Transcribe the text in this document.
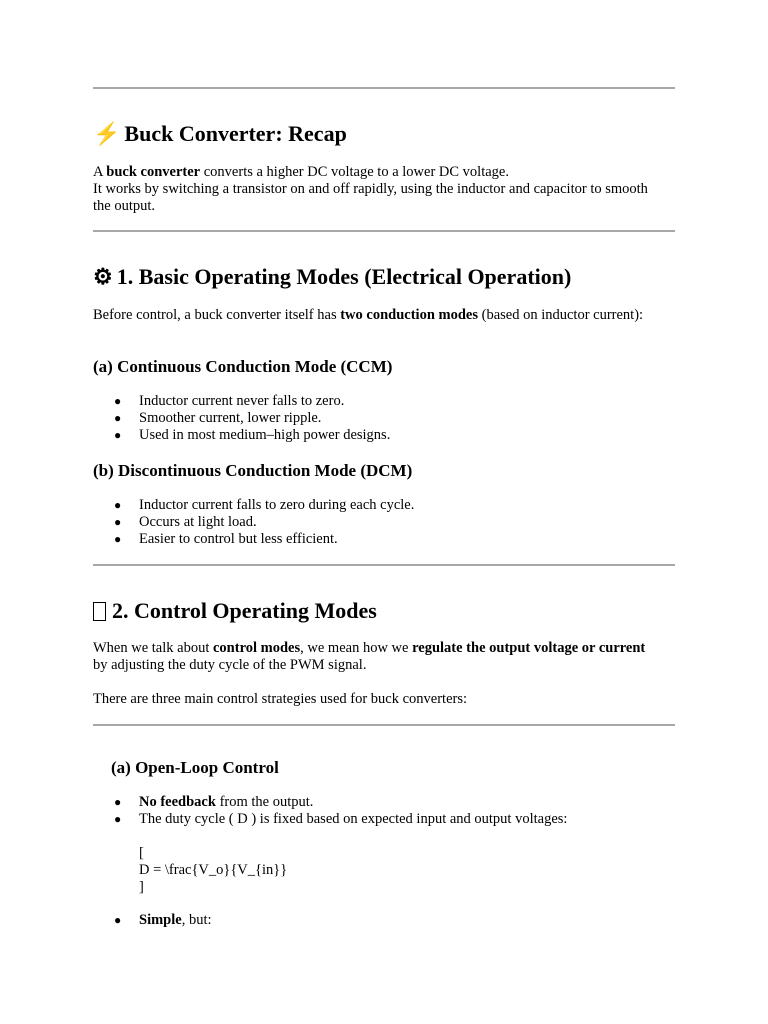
⚡ Buck Converter: Recap

A buck converter converts a higher DC voltage to a lower DC voltage.
It works by switching a transistor on and off rapidly, using the inductor and capacitor to smooth the output.

⚙ 1. Basic Operating Modes (Electrical Operation)

Before control, a buck converter itself has two conduction modes (based on inductor current):

(a) Continuous Conduction Mode (CCM)
● Inductor current never falls to zero.
● Smoother current, lower ripple.
● Used in most medium–high power designs.
(b) Discontinuous Conduction Mode (DCM)
● Inductor current falls to zero during each cycle.
● Occurs at light load.
● Easier to control but less efficient.
2. Control Operating Modes

When we talk about control modes, we mean how we regulate the output voltage or current by adjusting the duty cycle of the PWM signal.

There are three main control strategies used for buck converters:

(a) Open-Loop Control
● No feedback from the output.
● The duty cycle ( D ) is fixed based on expected input and output voltages:
[
D = \frac{V_o}{V_{in}}
]
● Simple, but:
